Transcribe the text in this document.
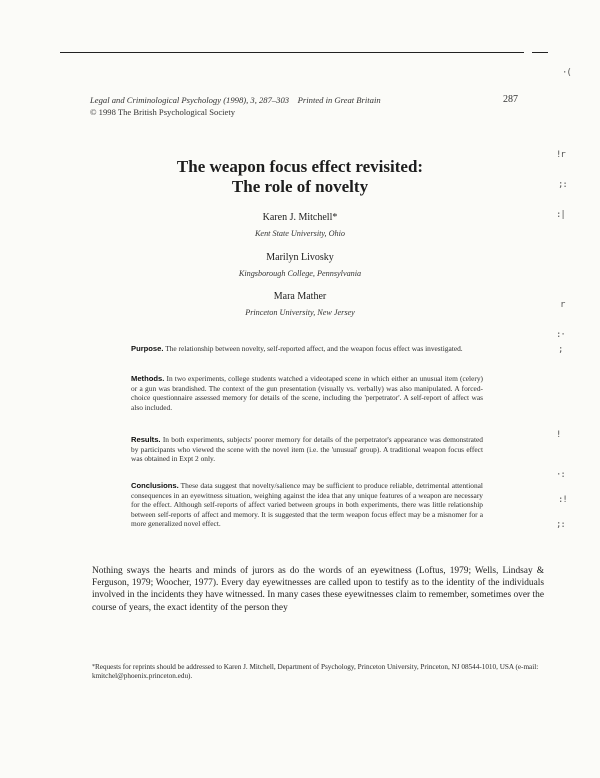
Legal and Criminological Psychology (1998), 3, 287–303 Printed in Great Britain
© 1998 The British Psychological Society
287
The weapon focus effect revisited:
The role of novelty
Karen J. Mitchell*
Kent State University, Ohio
Marilyn Livosky
Kingsborough College, Pennsylvania
Mara Mather
Princeton University, New Jersey
Purpose. The relationship between novelty, self-reported affect, and the weapon focus effect was investigated.
Methods. In two experiments, college students watched a videotaped scene in which either an unusual item (celery) or a gun was brandished. The context of the gun presentation (visually vs. verbally) was also manipulated. A forced-choice questionnaire assessed memory for details of the scene, including the 'perpetrator'. A self-report of affect was also included.
Results. In both experiments, subjects' poorer memory for details of the perpetrator's appearance was demonstrated by participants who viewed the scene with the novel item (i.e. the 'unusual' group). A traditional weapon focus effect was obtained in Expt 2 only.
Conclusions. These data suggest that novelty/salience may be sufficient to produce reliable, detrimental attentional consequences in an eyewitness situation, weighing against the idea that any unique features of a weapon are necessary for the effect. Although self-reports of affect varied between groups in both experiments, there was little relationship between self-reports of affect and memory. It is suggested that the term weapon focus effect may be a misnomer for a more generalized novel effect.
Nothing sways the hearts and minds of jurors as do the words of an eyewitness (Loftus, 1979; Wells, Lindsay & Ferguson, 1979; Woocher, 1977). Every day eyewitnesses are called upon to testify as to the identity of the individuals involved in the incidents they have witnessed. In many cases these eyewitnesses claim to remember, sometimes over the course of years, the exact identity of the person they
*Requests for reprints should be addressed to Karen J. Mitchell, Department of Psychology, Princeton University, Princeton, NJ 08544-1010, USA (e-mail: kmitchel@phoenix.princeton.edu).
·(
!r
;:
:|
r
:·
;
!
·:
:!
;:
